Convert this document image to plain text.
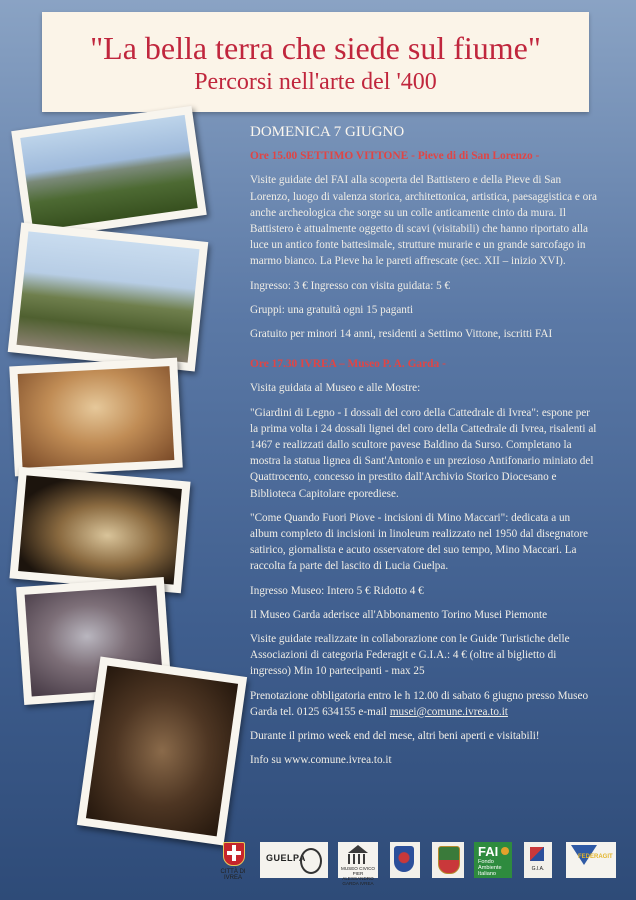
"La bella terra che siede sul fiume"
Percorsi nell'arte del '400
DOMENICA 7 GIUGNO
Ore 15.00 SETTIMO VITTONE - Pieve di di San Lorenzo -

Visite guidate del FAI alla scoperta del Battistero e della Pieve di San Lorenzo, luogo di valenza storica, architettonica, artistica, paesaggistica e ora anche archeologica che sorge su un colle anticamente cinto da mura. Il Battistero è attualmente oggetto di scavi (visitabili) che hanno riportato alla luce un antico fonte battesimale, strutture murarie e un grande sarcofago in marmo bianco. La Pieve ha le pareti affrescate (sec. XII – inizio XVI).

Ingresso: 3 € Ingresso con visita guidata: 5 €

Gruppi: una gratuità ogni 15 paganti

Gratuito per minori 14 anni, residenti a Settimo Vittone, iscritti FAI

Ore 17.30 IVREA – Museo P. A. Garda -

Visita guidata al Museo e alle Mostre:

"Giardini di Legno - I dossali del coro della Cattedrale di Ivrea": espone per la prima volta i 24 dossali lignei del coro della Cattedrale di Ivrea, risalenti al 1467 e realizzati dallo scultore pavese Baldino da Surso. Completano la mostra la statua lignea di Sant'Antonio e un prezioso Antifonario miniato del Quattrocento, concesso in prestito dall'Archivio Storico Diocesano e Biblioteca Capitolare eporediese.

"Come Quando Fuori Piove - incisioni di Mino Maccari": dedicata a un album completo di incisioni in linoleum realizzato nel 1950 dal disegnatore satirico, giornalista e acuto osservatore del suo tempo, Mino Maccari. La raccolta fa parte del lascito di Lucia Guelpa.

Ingresso Museo: Intero 5 € Ridotto 4 €

Il Museo Garda aderisce all'Abbonamento Torino Musei Piemonte

Visite guidate realizzate in collaborazione con le Guide Turistiche delle Associazioni di categoria Federagit e G.I.A.: 4 € (oltre al biglietto di ingresso) Min 10 partecipanti - max 25

Prenotazione obbligatoria entro le h 12.00 di sabato 6 giugno presso Museo Garda tel. 0125 634155 e-mail musei@comune.ivrea.to.it

Durante il primo week end del mese, altri beni aperti e visitabili!

Info su www.comune.ivrea.to.it

CITTÀ DI IVREA
GUELPA
MUSEO CIVICO PIER ALESSANDRO GARDA IVREA
FAI
Fondo Ambiente Italiano
G.I.A.
FEDERAGIT
